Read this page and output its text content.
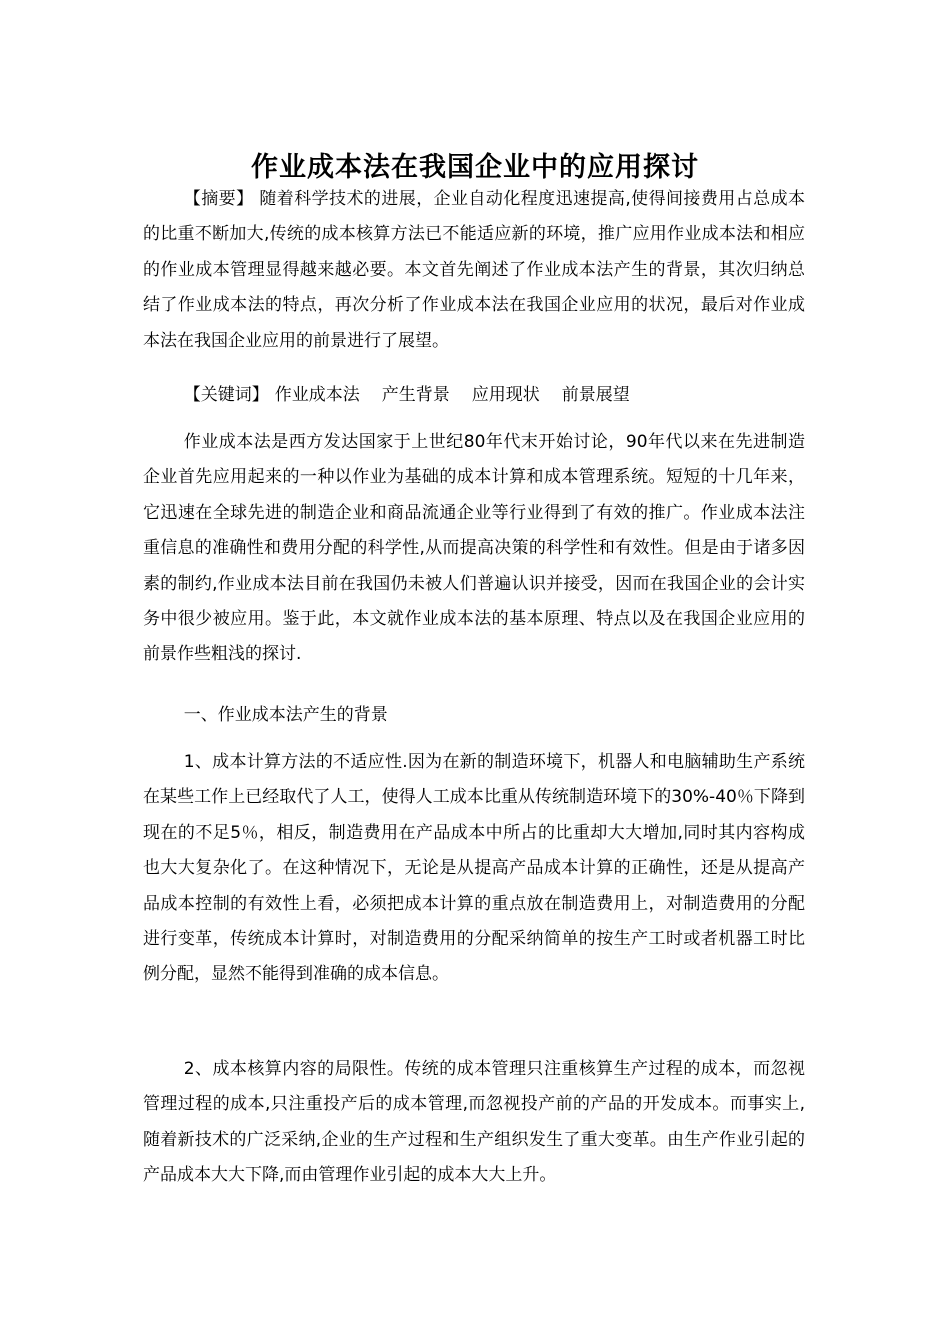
作业成本法在我国企业中的应用探讨

【摘要】 随着科学技术的进展，企业自动化程度迅速提高,使得间接费用占总成本的比重不断加大,传统的成本核算方法已不能适应新的环境，推广应用作业成本法和相应的作业成本管理显得越来越必要。本文首先阐述了作业成本法产生的背景，其次归纳总结了作业成本法的特点，再次分析了作业成本法在我国企业应用的状况，最后对作业成本法在我国企业应用的前景进行了展望。

【关键词】 作业成本法 产生背景 应用现状 前景展望

作业成本法是西方发达国家于上世纪80年代末开始讨论，90年代以来在先进制造企业首先应用起来的一种以作业为基础的成本计算和成本管理系统。短短的十几年来，它迅速在全球先进的制造企业和商品流通企业等行业得到了有效的推广。作业成本法注重信息的准确性和费用分配的科学性,从而提高决策的科学性和有效性。但是由于诸多因素的制约,作业成本法目前在我国仍未被人们普遍认识并接受，因而在我国企业的会计实务中很少被应用。鉴于此，本文就作业成本法的基本原理、特点以及在我国企业应用的前景作些粗浅的探讨.

一、作业成本法产生的背景

1、成本计算方法的不适应性.因为在新的制造环境下，机器人和电脑辅助生产系统在某些工作上已经取代了人工，使得人工成本比重从传统制造环境下的30%-40％下降到现在的不足5％，相反，制造费用在产品成本中所占的比重却大大增加,同时其内容构成也大大复杂化了。在这种情况下，无论是从提高产品成本计算的正确性，还是从提高产品成本控制的有效性上看，必须把成本计算的重点放在制造费用上，对制造费用的分配进行变革，传统成本计算时，对制造费用的分配采纳简单的按生产工时或者机器工时比例分配，显然不能得到准确的成本信息。

2、成本核算内容的局限性。传统的成本管理只注重核算生产过程的成本，而忽视管理过程的成本,只注重投产后的成本管理,而忽视投产前的产品的开发成本。而事实上,随着新技术的广泛采纳,企业的生产过程和生产组织发生了重大变革。由生产作业引起的产品成本大大下降,而由管理作业引起的成本大大上升。
